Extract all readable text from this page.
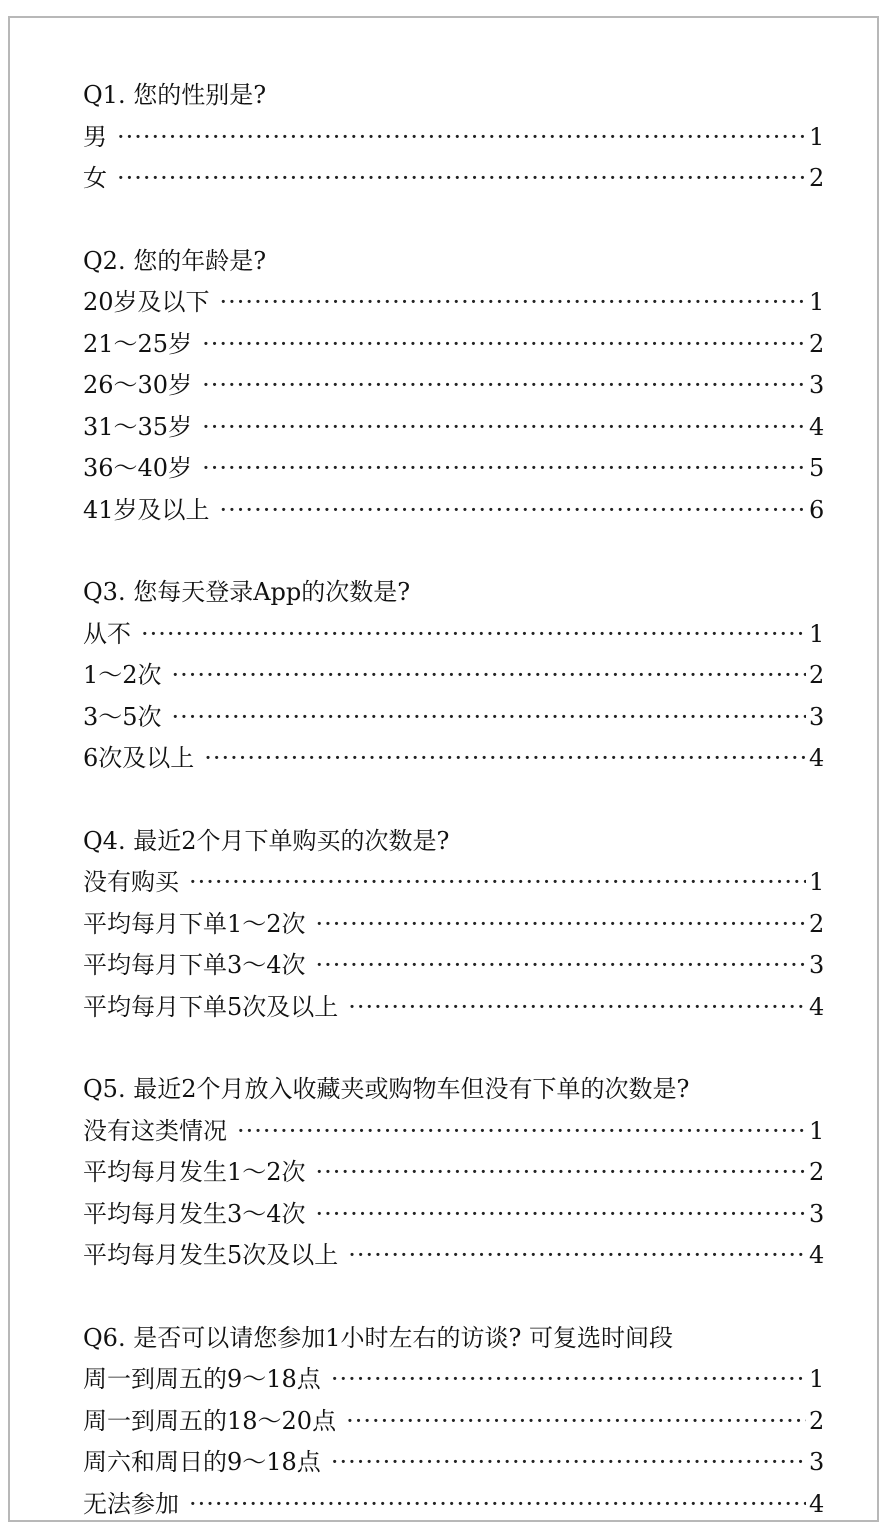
Q1. 您的性别是?
男 ·····	1
女 ·····	2
Q2. 您的年龄是?
20岁及以下 ·····	1
21～25岁 ·····	2
26～30岁 ·····	3
31～35岁 ·····	4
36～40岁 ·····	5
41岁及以上 ·····	6
Q3. 您每天登录App的次数是?
从不 ·····	1
1～2次 ·····	2
3～5次 ·····	3
6次及以上 ·····	4
Q4. 最近2个月下单购买的次数是?
没有购买 ·····	1
平均每月下单1～2次 ·····	2
平均每月下单3～4次 ·····	3
平均每月下单5次及以上 ·····	4
Q5. 最近2个月放入收藏夹或购物车但没有下单的次数是?
没有这类情况 ·····	1
平均每月发生1～2次 ·····	2
平均每月发生3～4次 ·····	3
平均每月发生5次及以上 ·····	4
Q6. 是否可以请您参加1小时左右的访谈? 可复选时间段
周一到周五的9～18点 ·····	1
周一到周五的18～20点 ·····	2
周六和周日的9～18点 ·····	3
无法参加 ·····	4
